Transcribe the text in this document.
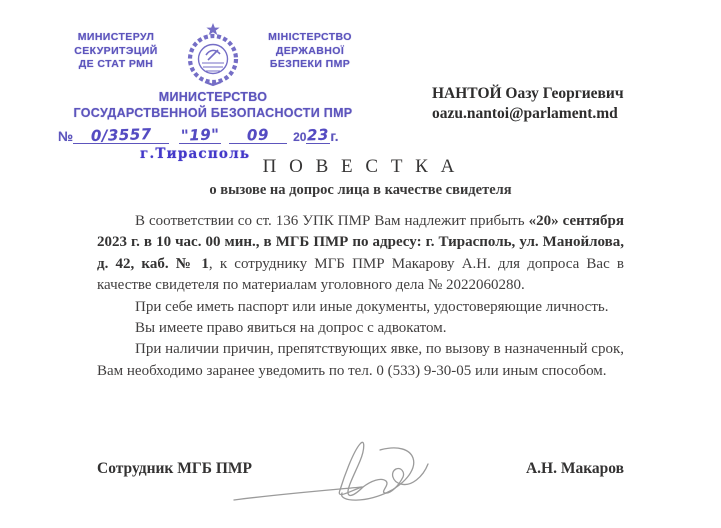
МИНИСТЕРУЛ
СЕКУРИТЭЦИЙ
ДЕ СТАТ РМН
МІНІСТЕРСТВО
ДЕРЖАВНОЇ
БЕЗПЕКИ ПМР
МИНИСТЕРСТВО
ГОСУДАРСТВЕННОЙ БЕЗОПАСНОСТИ ПМР
№	0/3557	"19"	09	20 23 г.
г.Тирасполь
НАНТОЙ Оазу Георгиевич
oazu.nantoi@parlament.md
П О В Е С Т К А
о вызове на допрос лица в качестве свидетеля

В соответствии со ст. 136 УПК ПМР Вам надлежит прибыть «20» сентября 2023 г. в 10 час. 00 мин., в МГБ ПМР по адресу: г. Тирасполь, ул. Манойлова, д. 42, каб. № 1, к сотруднику МГБ ПМР Макарову А.Н. для допроса Вас в качестве свидетеля по материалам уголовного дела № 2022060280.

При себе иметь паспорт или иные документы, удостоверяющие личность.

Вы имеете право явиться на допрос с адвокатом.

При наличии причин, препятствующих явке, по вызову в назначенный срок, Вам необходимо заранее уведомить по тел. 0 (533) 9-30-05 или иным способом.

Сотрудник МГБ ПМР	А.Н. Макаров
